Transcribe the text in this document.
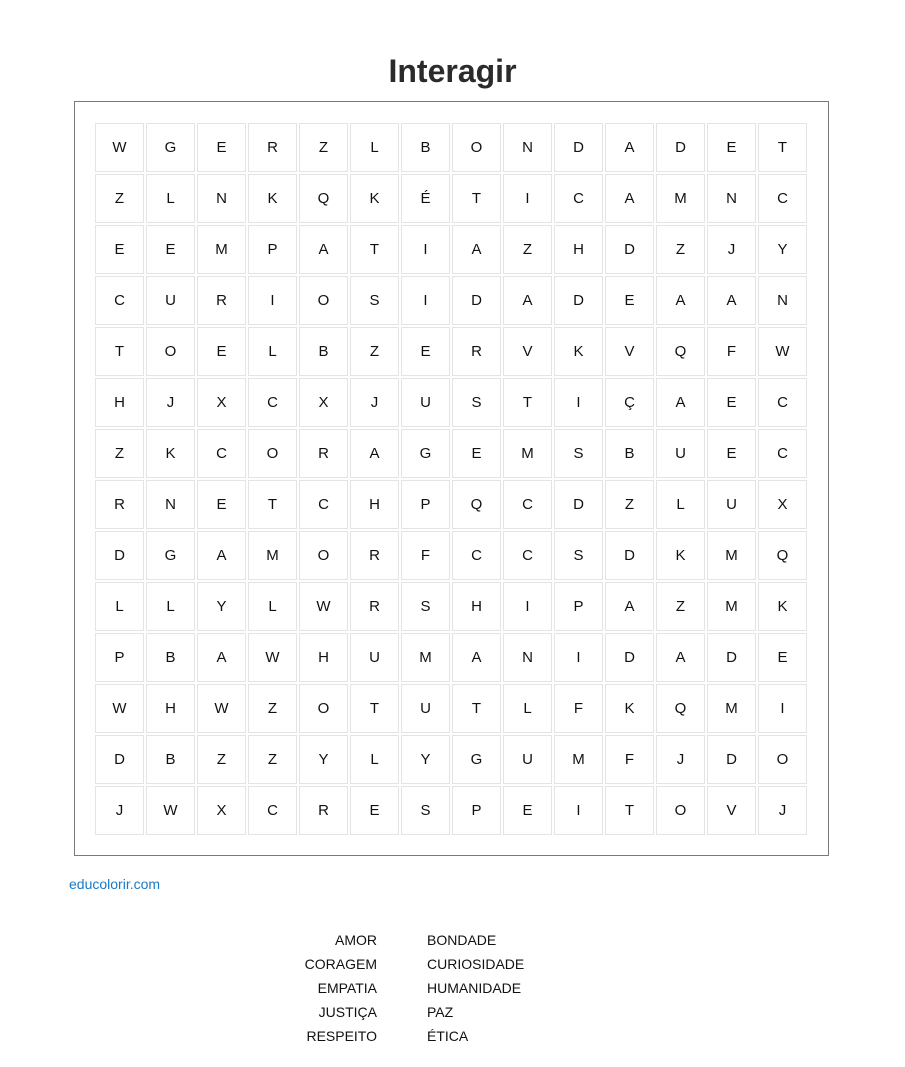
Interagir
W	G	E	R	Z	L	B	O	N	D	A	D	E	T
Z	L	N	K	Q	K	É	T	I	C	A	M	N	C
E	E	M	P	A	T	I	A	Z	H	D	Z	J	Y
C	U	R	I	O	S	I	D	A	D	E	A	A	N
T	O	E	L	B	Z	E	R	V	K	V	Q	F	W
H	J	X	C	X	J	U	S	T	I	Ç	A	E	C
Z	K	C	O	R	A	G	E	M	S	B	U	E	C
R	N	E	T	C	H	P	Q	C	D	Z	L	U	X
D	G	A	M	O	R	F	C	C	S	D	K	M	Q
L	L	Y	L	W	R	S	H	I	P	A	Z	M	K
P	B	A	W	H	U	M	A	N	I	D	A	D	E
W	H	W	Z	O	T	U	T	L	F	K	Q	M	I
D	B	Z	Z	Y	L	Y	G	U	M	F	J	D	O
J	W	X	C	R	E	S	P	E	I	T	O	V	J
educolorir.com
AMOR	BONDADE
CORAGEM	CURIOSIDADE
EMPATIA	HUMANIDADE
JUSTIÇA	PAZ
RESPEITO	ÉTICA
